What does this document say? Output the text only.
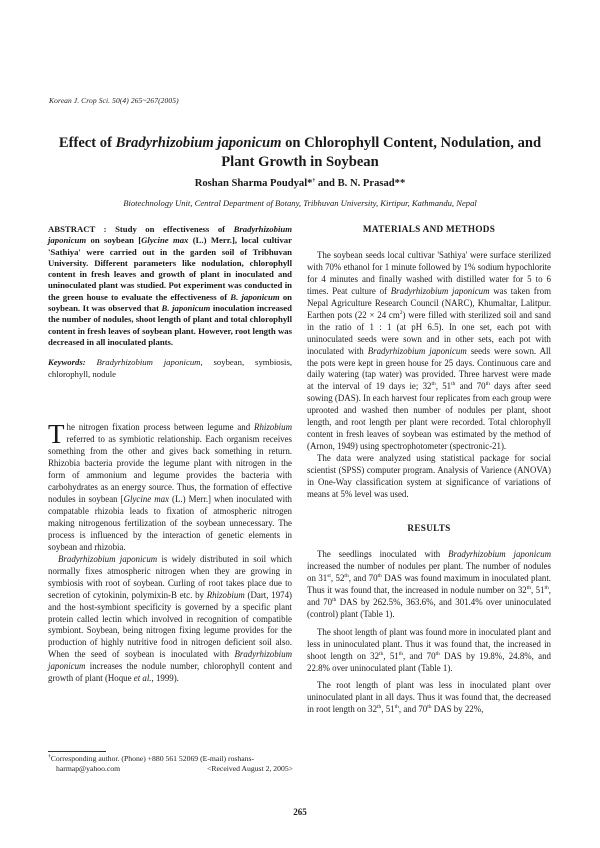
Korean J. Crop Sci. 50(4) 265~267(2005)
Effect of Bradyrhizobium japonicum on Chlorophyll Content, Nodulation, and
Plant Growth in Soybean
Roshan Sharma Poudyal*† and B. N. Prasad**
Biotechnology Unit, Central Department of Botany, Tribhuvan University, Kirtipur, Kathmandu, Nepal
ABSTRACT : Study on effectiveness of Bradyrhizobium japonicum on soybean [Glycine max (L.) Merr.], local cultivar 'Sathiya' were carried out in the garden soil of Tribhuvan University. Different parameters like nodulation, chlorophyll content in fresh leaves and growth of plant in inoculated and uninoculated plant was studied. Pot experiment was conducted in the green house to evaluate the effectiveness of B. japonicum on soybean. It was observed that B. japonicum inoculation increased the number of nodules, shoot length of plant and total chlorophyll content in fresh leaves of soybean plant. However, root length was decreased in all inoculated plants.
Keywords: Bradyrhizobium japonicum, soybean, symbiosis, chlorophyll, nodule

The nitrogen fixation process between legume and Rhizobium referred to as symbiotic relationship. Each organism receives something from the other and gives back something in return. Rhizobia bacteria provide the legume plant with nitrogen in the form of ammonium and legume provides the bacteria with carbohydrates as an energy source. Thus, the formation of effective nodules in soybean [Glycine max (L.) Merr.] when inoculated with compatable rhizobia leads to fixation of atmospheric nitrogen making nitrogenous fertilization of the soybean unnecessary. The process is influenced by the interaction of genetic elements in soybean and rhizobia.

Bradyrhizobium japonicum is widely distributed in soil which normally fixes atmospheric nitrogen when they are growing in symbiosis with root of soybean. Curling of root takes place due to secretion of cytokinin, polymixin-B etc. by Rhizobium (Dart, 1974) and the host-symbiont specificity is governed by a specific plant protein called lectin which involved in recognition of compatible symbiont. Soybean, being nitrogen fixing legume provides for the production of highly nutritive food in nitrogen deficient soil also. When the seed of soybean is inoculated with Bradyrhizobium japonicum increases the nodule number, chlorophyll content and growth of plant (Hoque et al., 1999).

†Corresponding author. (Phone) +880 561 52069 (E-mail) roshans-
harmap@yahoo.com	<Received August 2, 2005>
MATERIALS AND METHODS

The soybean seeds local cultivar 'Sathiya' were surface sterilized with 70% ethanol for 1 minute followed by 1% sodium hypochlorite for 4 minutes and finally washed with distilled water for 5 to 6 times. Peat culture of Bradyrhizobium japonicum was taken from Nepal Agriculture Research Council (NARC), Khumaltar, Lalitpur. Earthen pots (22 × 24 $cm^2$) were filled with sterilized soil and sand in the ratio of 1 : 1 (at pH 6.5). In one set, each pot with uninoculated seeds were sown and in other sets, each pot with inoculated with Bradyrhizobium japonicum seeds were sown. All the pots were kept in green house for 25 days. Continuous care and daily watering (tap water) was provided. Three harvest were made at the interval of 19 days ie; 32th, 51th and 70th days after seed sowing (DAS). In each harvest four replicates from each group were uprooted and washed then number of nodules per plant, shoot length, and root length per plant were recorded. Total chlorophyll content in fresh leaves of soybean was estimated by the method of (Arnon, 1949) using spectrophotometer (spectronic-21).

The data were analyzed using statistical package for social scientist (SPSS) computer program. Analysis of Varience (ANOVA) in One-Way classification system at significance of variations of means at 5% level was used.

RESULTS

The seedlings inoculated with Bradyrhizobium japonicum increased the number of nodules per plant. The number of nodules on 31st, 52th, and 70th DAS was found maximum in inoculated plant. Thus it was found that, the increased in nodule number on 32th, 51th, and 70th DAS by 262.5%, 363.6%, and 301.4% over uninoculated (control) plant (Table 1).

The shoot length of plant was found more in inoculated plant and less in uninoculated plant. Thus it was found that, the increased in shoot length on 32th, 51th, and 70th DAS by 19.8%, 24.8%, and 22.8% over uninoculated plant (Table 1).

The root length of plant was less in inoculated plant over uninoculated plant in all days. Thus it was found that, the decreased in root length on 32th, 51th, and 70th DAS by 22%,

265
